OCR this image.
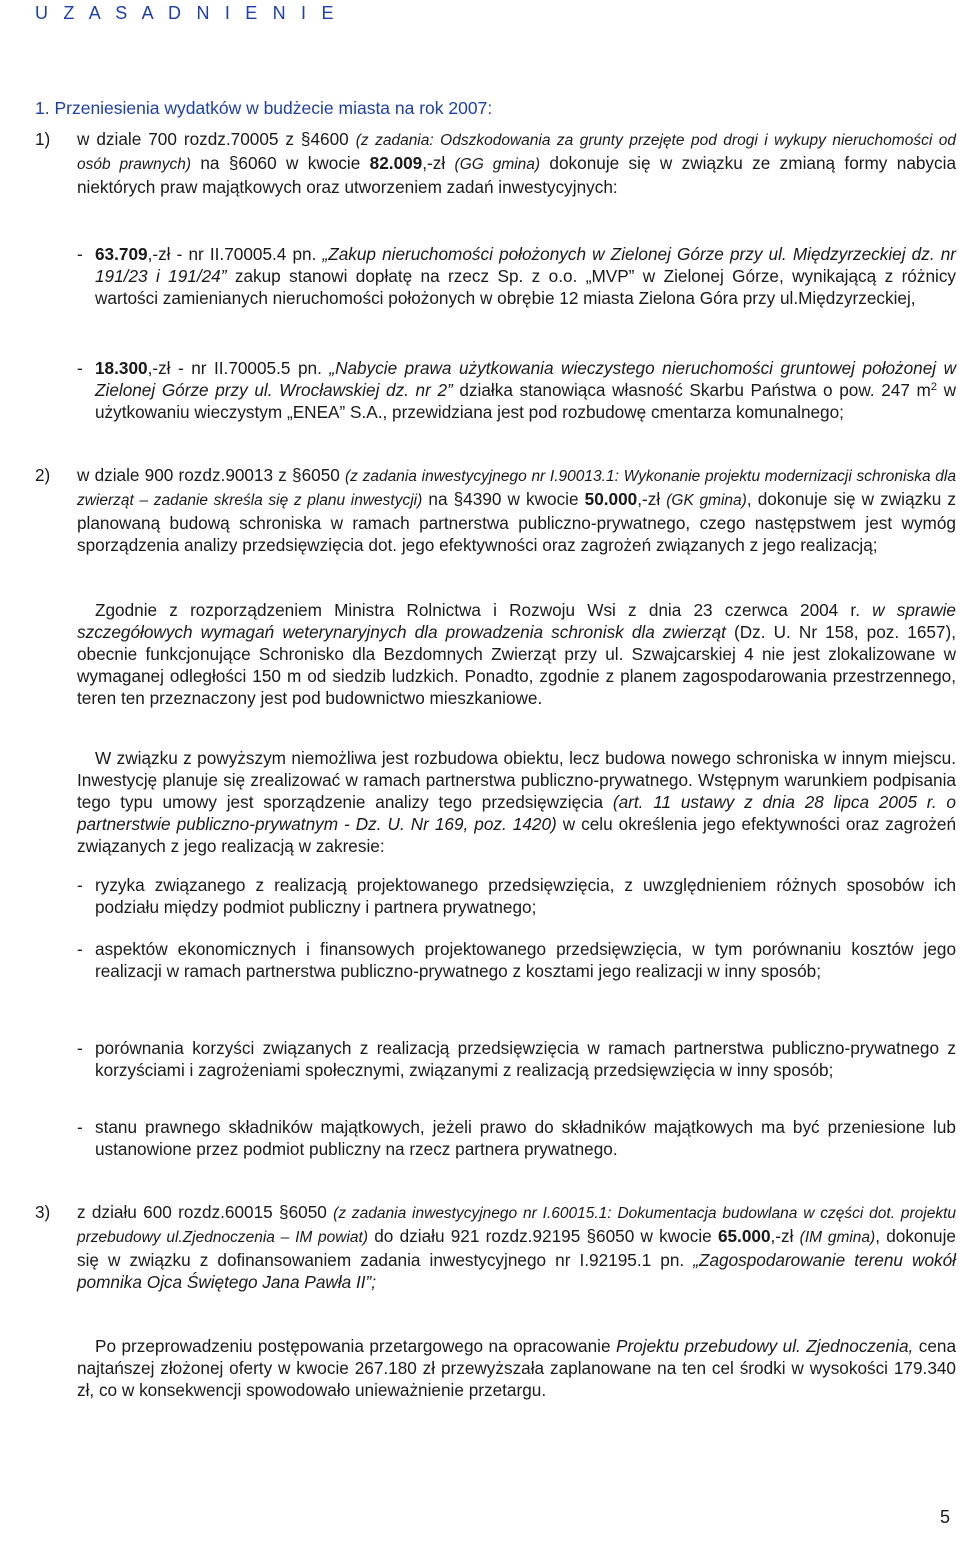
U Z A S A D N I E N I E
1. Przeniesienia wydatków w budżecie miasta na rok 2007:
1) w dziale 700 rozdz.70005 z §4600 (z zadania: Odszkodowania za grunty przejęte pod drogi i wykupy nieruchomości od osób prawnych) na §6060 w kwocie 82.009,-zł (GG gmina) dokonuje się w związku ze zmianą formy nabycia niektórych praw majątkowych oraz utworzeniem zadań inwestycyjnych:
- 63.709,-zł - nr II.70005.4 pn. „Zakup nieruchomości położonych w Zielonej Górze przy ul. Międzyrzeckiej dz. nr 191/23 i 191/24” zakup stanowi dopłatę na rzecz Sp. z o.o. „MVP” w Zielonej Górze, wynikającą z różnicy wartości zamienianych nieruchomości położonych w obrębie 12 miasta Zielona Góra przy ul.Międzyrzeckiej,
- 18.300,-zł - nr II.70005.5 pn. „Nabycie prawa użytkowania wieczystego nieruchomości gruntowej położonej w Zielonej Górze przy ul. Wrocławskiej dz. nr 2” działka stanowiąca własność Skarbu Państwa o pow. 247 $m^2$ w użytkowaniu wieczystym „ENEA” S.A., przewidziana jest pod rozbudowę cmentarza komunalnego;
2) w dziale 900 rozdz.90013 z §6050 (z zadania inwestycyjnego nr I.90013.1: Wykonanie projektu modernizacji schroniska dla zwierząt – zadanie skreśla się z planu inwestycji) na §4390 w kwocie 50.000,-zł (GK gmina), dokonuje się w związku z planowaną budową schroniska w ramach partnerstwa publiczno-prywatnego, czego następstwem jest wymóg sporządzenia analizy przedsięwzięcia dot. jego efektywności oraz zagrożeń związanych z jego realizacją;
Zgodnie z rozporządzeniem Ministra Rolnictwa i Rozwoju Wsi z dnia 23 czerwca 2004 r. w sprawie szczegółowych wymagań weterynaryjnych dla prowadzenia schronisk dla zwierząt (Dz. U. Nr 158, poz. 1657), obecnie funkcjonujące Schronisko dla Bezdomnych Zwierząt przy ul. Szwajcarskiej 4 nie jest zlokalizowane w wymaganej odległości 150 m od siedzib ludzkich. Ponadto, zgodnie z planem zagospodarowania przestrzennego, teren ten przeznaczony jest pod budownictwo mieszkaniowe.
W związku z powyższym niemożliwa jest rozbudowa obiektu, lecz budowa nowego schroniska w innym miejscu. Inwestycję planuje się zrealizować w ramach partnerstwa publiczno-prywatnego. Wstępnym warunkiem podpisania tego typu umowy jest sporządzenie analizy tego przedsięwzięcia (art. 11 ustawy z dnia 28 lipca 2005 r. o partnerstwie publiczno-prywatnym - Dz. U. Nr 169, poz. 1420) w celu określenia jego efektywności oraz zagrożeń związanych z jego realizacją w zakresie:
- ryzyka związanego z realizacją projektowanego przedsięwzięcia, z uwzględnieniem różnych sposobów ich podziału między podmiot publiczny i partnera prywatnego;
- aspektów ekonomicznych i finansowych projektowanego przedsięwzięcia, w tym porównaniu kosztów jego realizacji w ramach partnerstwa publiczno-prywatnego z kosztami jego realizacji w inny sposób;
- porównania korzyści związanych z realizacją przedsięwzięcia w ramach partnerstwa publiczno-prywatnego z korzyściami i zagrożeniami społecznymi, związanymi z realizacją przedsięwzięcia w inny sposób;
- stanu prawnego składników majątkowych, jeżeli prawo do składników majątkowych ma być przeniesione lub ustanowione przez podmiot publiczny na rzecz partnera prywatnego.
3) z działu 600 rozdz.60015 §6050 (z zadania inwestycyjnego nr I.60015.1: Dokumentacja budowlana w części dot. projektu przebudowy ul.Zjednoczenia – IM powiat) do działu 921 rozdz.92195 §6050 w kwocie 65.000,-zł (IM gmina), dokonuje się w związku z dofinansowaniem zadania inwestycyjnego nr I.92195.1 pn. „Zagospodarowanie terenu wokół pomnika Ojca Świętego Jana Pawła II”;
Po przeprowadzeniu postępowania przetargowego na opracowanie Projektu przebudowy ul. Zjednoczenia, cena najtańszej złożonej oferty w kwocie 267.180 zł przewyższała zaplanowane na ten cel środki w wysokości 179.340 zł, co w konsekwencji spowodowało unieważnienie przetargu.
5
